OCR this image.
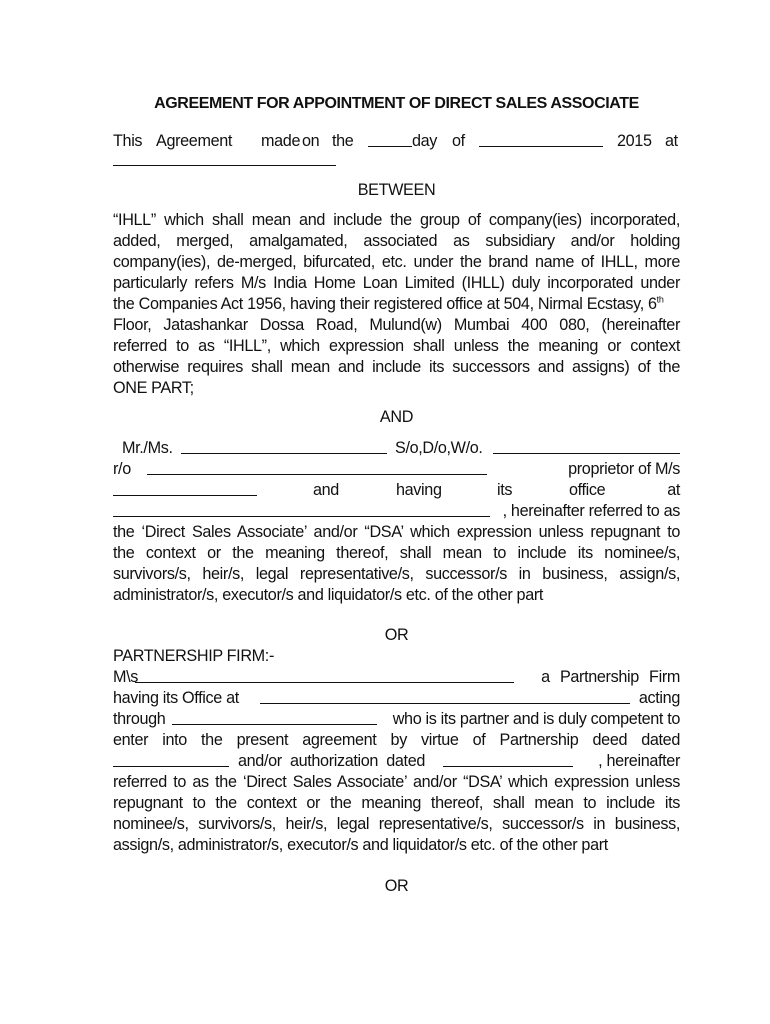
AGREEMENT FOR APPOINTMENT OF DIRECT SALES ASSOCIATE
This Agreement made on the	day of	2015 at
BETWEEN
“IHLL” which shall mean and include the group of company(ies) incorporated,
added, merged, amalgamated, associated as subsidiary and/or holding
company(ies), de-merged, bifurcated, etc. under the brand name of IHLL, more
particularly refers M/s India Home Loan Limited (IHLL) duly incorporated under
the Companies Act 1956, having their registered office at 504, Nirmal Ecstasy, 6th
Floor, Jatashankar Dossa Road, Mulund(w) Mumbai 400 080, (hereinafter
referred to as “IHLL”, which expression shall unless the meaning or context
otherwise requires shall mean and include its successors and assigns) of the
ONE PART;
AND
Mr./Ms.	S/o,D/o,W/o.
r/o	proprietor of M/s
and	having	its	office	at
, hereinafter referred to as
the ‘Direct Sales Associate’ and/or “DSA’ which expression unless repugnant to
the context or the meaning thereof, shall mean to include its nominee/s,
survivors/s, heir/s, legal representative/s, successor/s in business, assign/s,
administrator/s, executor/s and liquidator/s etc. of the other part
OR
PARTNERSHIP FIRM:-
M\s	a Partnership Firm
having its Office at	acting
through	who is its partner and is duly competent to
enter into the present agreement by virtue of Partnership deed dated
and/or authorization dated	, hereinafter
referred to as the ‘Direct Sales Associate’ and/or “DSA’ which expression unless
repugnant to the context or the meaning thereof, shall mean to include its
nominee/s, survivors/s, heir/s, legal representative/s, successor/s in business,
assign/s, administrator/s, executor/s and liquidator/s etc. of the other part
OR
